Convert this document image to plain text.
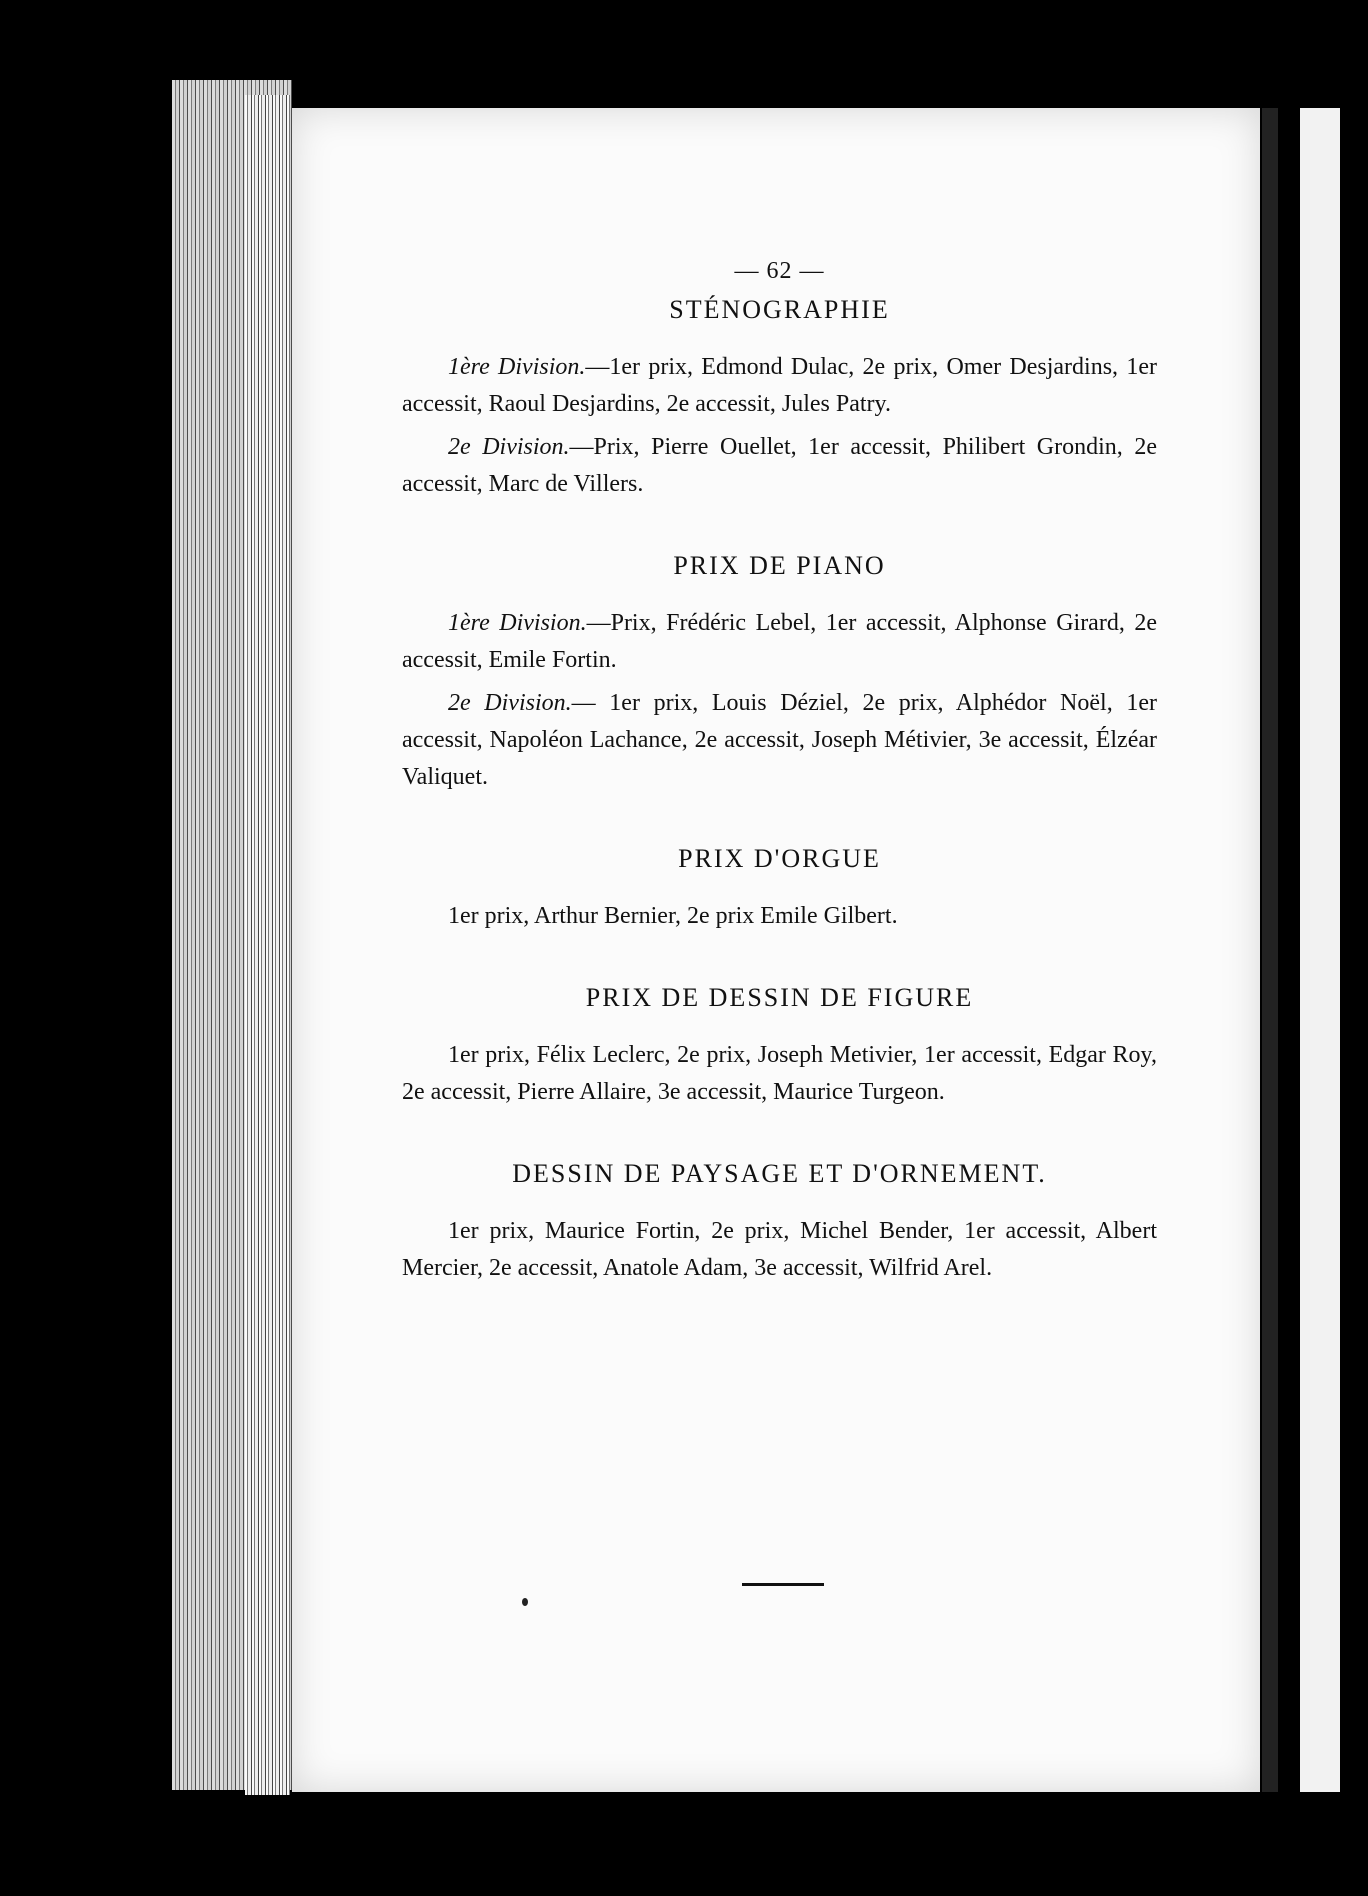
— 62 —
STÉNOGRAPHIE

1ère Division.—1er prix, Edmond Dulac, 2e prix, Omer Desjardins, 1er accessit, Raoul Desjardins, 2e accessit, Jules Patry.

2e Division.—Prix, Pierre Ouellet, 1er accessit, Philibert Grondin, 2e accessit, Marc de Villers.

PRIX DE PIANO

1ère Division.—Prix, Frédéric Lebel, 1er accessit, Alphonse Girard, 2e accessit, Emile Fortin.

2e Division.— 1er prix, Louis Déziel, 2e prix, Alphédor Noël, 1er accessit, Napoléon Lachance, 2e accessit, Joseph Métivier, 3e accessit, Élzéar Valiquet.

PRIX D'ORGUE

1er prix, Arthur Bernier, 2e prix Emile Gilbert.

PRIX DE DESSIN DE FIGURE

1er prix, Félix Leclerc, 2e prix, Joseph Metivier, 1er accessit, Edgar Roy, 2e accessit, Pierre Allaire, 3e accessit, Maurice Turgeon.

DESSIN DE PAYSAGE ET D'ORNEMENT.

1er prix, Maurice Fortin, 2e prix, Michel Bender, 1er accessit, Albert Mercier, 2e accessit, Anatole Adam, 3e accessit, Wilfrid Arel.
